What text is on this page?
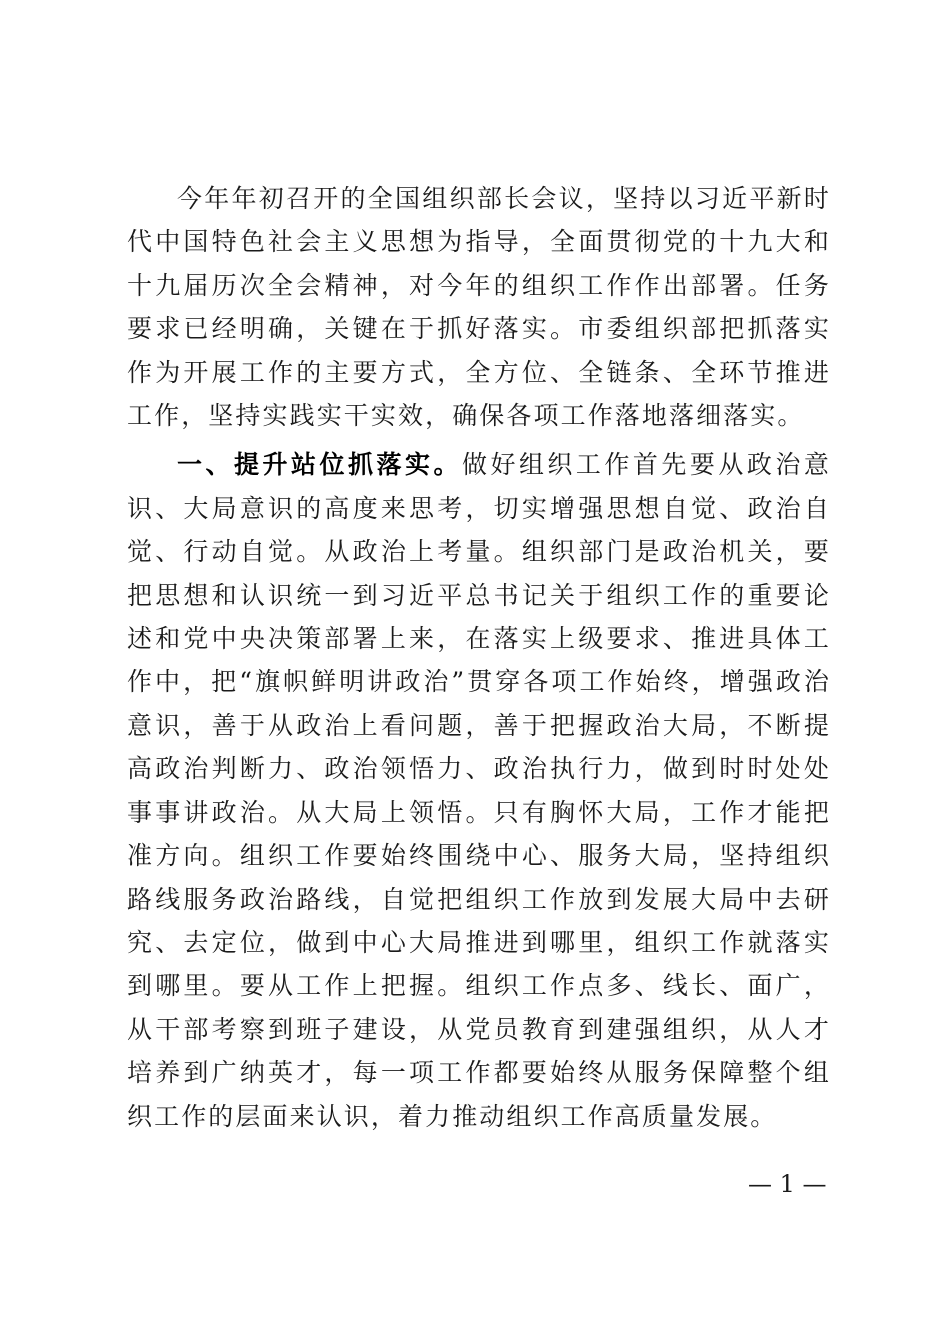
今年年初召开的全国组织部长会议，坚持以习近平新时代中国特色社会主义思想为指导，全面贯彻党的十九大和十九届历次全会精神，对今年的组织工作作出部署。任务要求已经明确，关键在于抓好落实。市委组织部把抓落实作为开展工作的主要方式，全方位、全链条、全环节推进工作，坚持实践实干实效，确保各项工作落地落细落实。

一、提升站位抓落实。做好组织工作首先要从政治意识、大局意识的高度来思考，切实增强思想自觉、政治自觉、行动自觉。从政治上考量。组织部门是政治机关，要把思想和认识统一到习近平总书记关于组织工作的重要论述和党中央决策部署上来，在落实上级要求、推进具体工作中，把“旗帜鲜明讲政治”贯穿各项工作始终，增强政治意识，善于从政治上看问题，善于把握政治大局，不断提高政治判断力、政治领悟力、政治执行力，做到时时处处事事讲政治。从大局上领悟。只有胸怀大局，工作才能把准方向。组织工作要始终围绕中心、服务大局，坚持组织路线服务政治路线，自觉把组织工作放到发展大局中去研究、去定位，做到中心大局推进到哪里，组织工作就落实到哪里。要从工作上把握。组织工作点多、线长、面广，从干部考察到班子建设，从党员教育到建强组织，从人才培养到广纳英才，每一项工作都要始终从服务保障整个组织工作的层面来认识，着力推动组织工作高质量发展。

— 1 —
